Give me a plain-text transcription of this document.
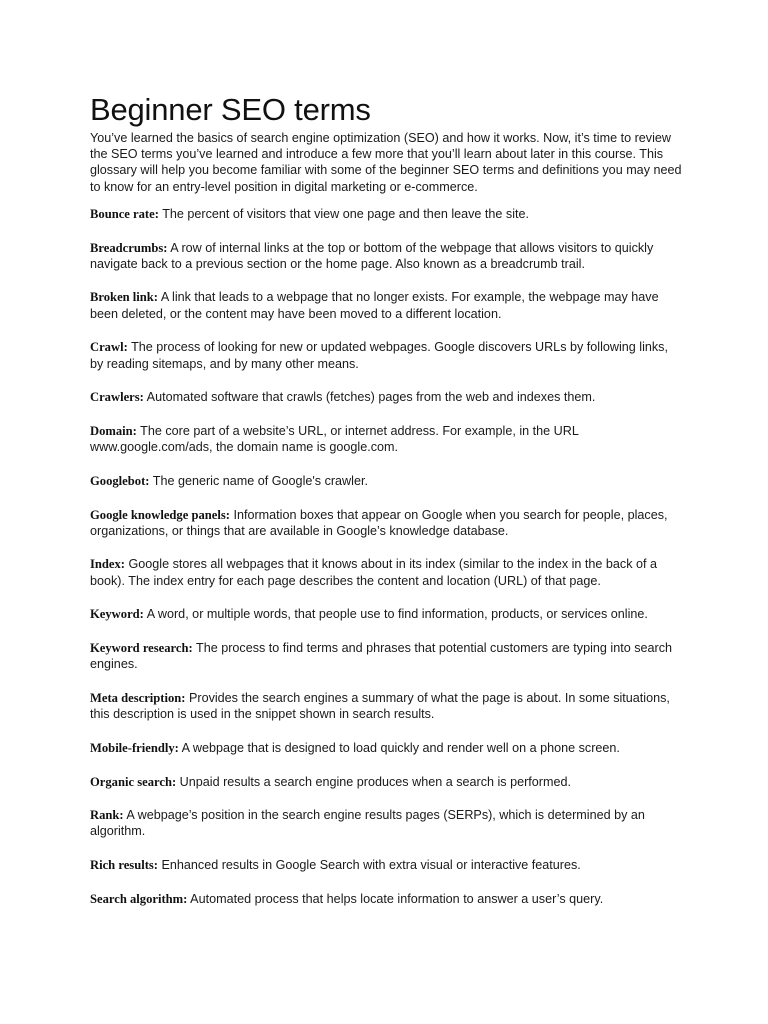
Beginner SEO terms

You’ve learned the basics of search engine optimization (SEO) and how it works. Now, it’s time to review the SEO terms you’ve learned and introduce a few more that you’ll learn about later in this course. This glossary will help you become familiar with some of the beginner SEO terms and definitions you may need to know for an entry-level position in digital marketing or e-commerce.

Bounce rate: The percent of visitors that view one page and then leave the site.

Breadcrumbs: A row of internal links at the top or bottom of the webpage that allows visitors to quickly navigate back to a previous section or the home page. Also known as a breadcrumb trail.

Broken link: A link that leads to a webpage that no longer exists. For example, the webpage may have been deleted, or the content may have been moved to a different location.

Crawl: The process of looking for new or updated webpages. Google discovers URLs by following links, by reading sitemaps, and by many other means.

Crawlers: Automated software that crawls (fetches) pages from the web and indexes them.

Domain: The core part of a website’s URL, or internet address. For example, in the URL www.google.com/ads, the domain name is google.com.

Googlebot: The generic name of Google's crawler.

Google knowledge panels: Information boxes that appear on Google when you search for people, places, organizations, or things that are available in Google’s knowledge database.

Index: Google stores all webpages that it knows about in its index (similar to the index in the back of a book). The index entry for each page describes the content and location (URL) of that page.

Keyword: A word, or multiple words, that people use to find information, products, or services online.

Keyword research: The process to find terms and phrases that potential customers are typing into search engines.

Meta description: Provides the search engines a summary of what the page is about. In some situations, this description is used in the snippet shown in search results.

Mobile-friendly: A webpage that is designed to load quickly and render well on a phone screen.

Organic search: Unpaid results a search engine produces when a search is performed.

Rank: A webpage’s position in the search engine results pages (SERPs), which is determined by an algorithm.

Rich results: Enhanced results in Google Search with extra visual or interactive features.

Search algorithm: Automated process that helps locate information to answer a user’s query.
